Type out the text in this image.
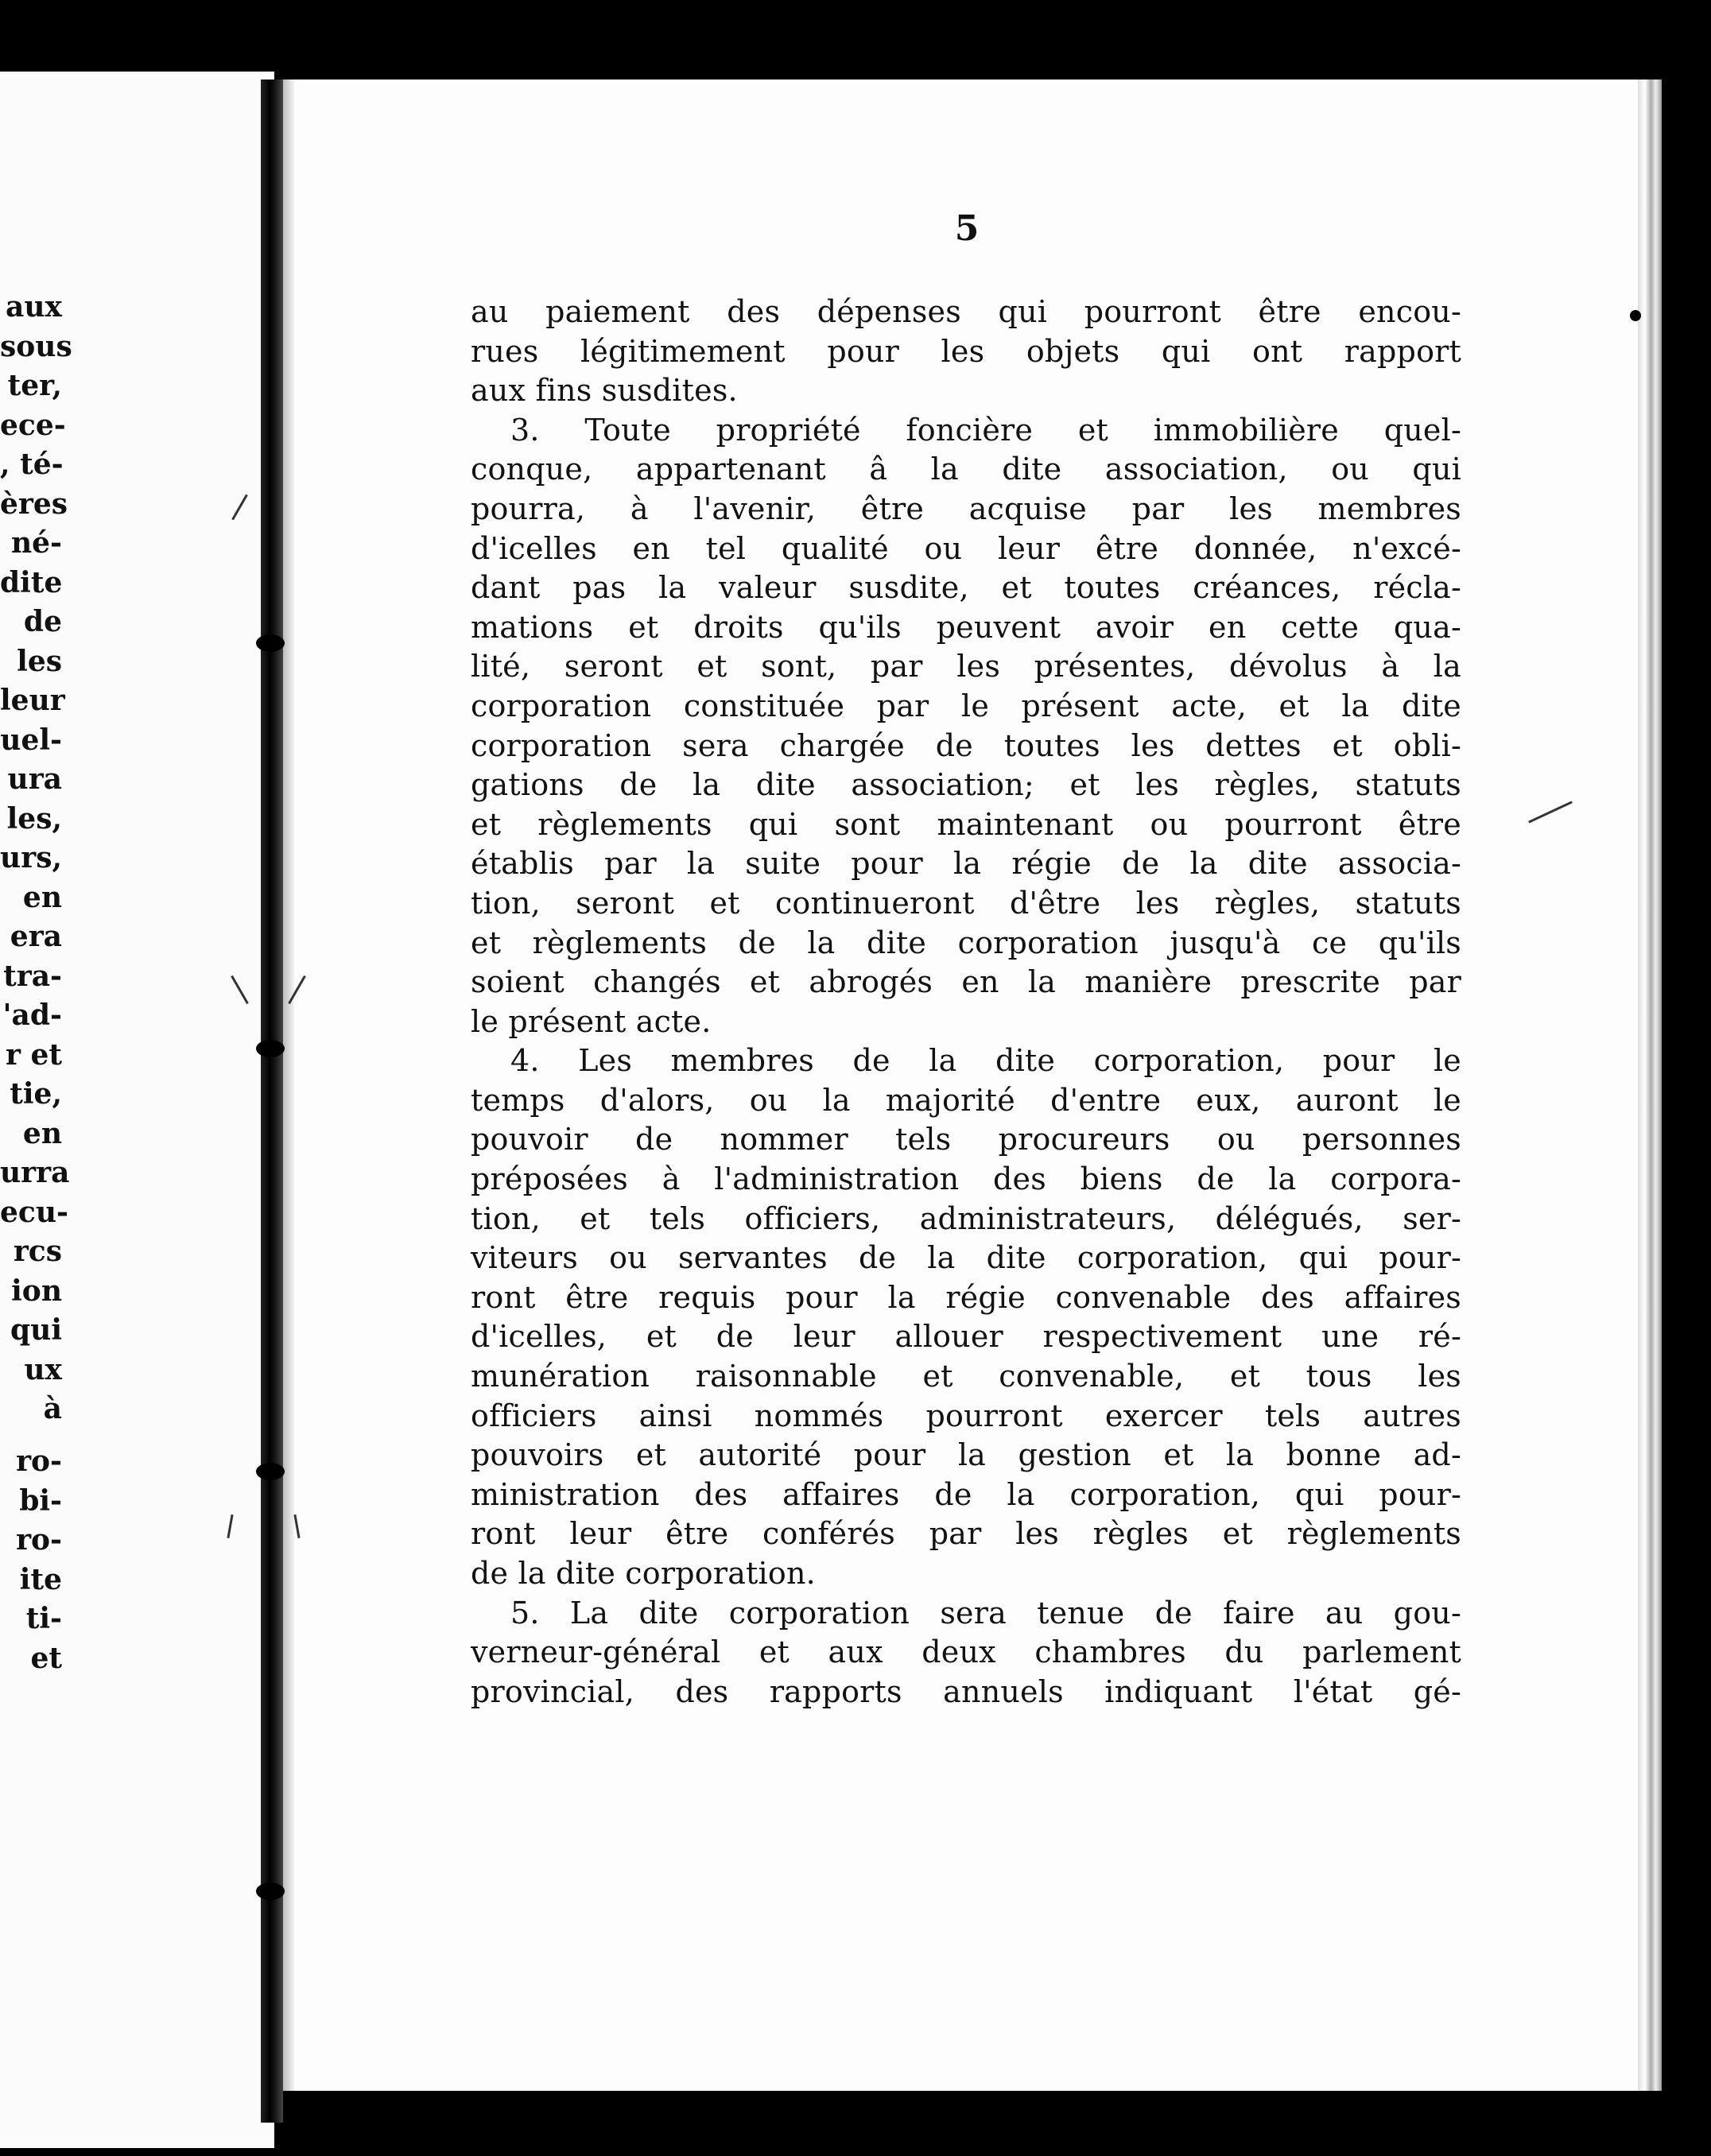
aux
sous
ter,
ece-
, té-
ères
né-
dite
de
les
leur
uel-
ura
les,
urs,
en
era
tra-
'ad-
r et
tie,
en
urra
ecu-
rcs
ion
qui
ux
à
ro-
bi-
ro-
ite
ti-
et
5
au paiement des dépenses qui pourront être encou-
rues légitimement pour les objets qui ont rapport
aux fins susdites.
3. Toute propriété foncière et immobilière quel-
conque, appartenant â la dite association, ou qui
pourra, à l'avenir, être acquise par les membres
d'icelles en tel qualité ou leur être donnée, n'excé-
dant pas la valeur susdite, et toutes créances, récla-
mations et droits qu'ils peuvent avoir en cette qua-
lité, seront et sont, par les présentes, dévolus à la
corporation constituée par le présent acte, et la dite
corporation sera chargée de toutes les dettes et obli-
gations de la dite association; et les règles, statuts
et règlements qui sont maintenant ou pourront être
établis par la suite pour la régie de la dite associa-
tion, seront et continueront d'être les règles, statuts
et règlements de la dite corporation jusqu'à ce qu'ils
soient changés et abrogés en la manière prescrite par
le présent acte.
4. Les membres de la dite corporation, pour le
temps d'alors, ou la majorité d'entre eux, auront le
pouvoir de nommer tels procureurs ou personnes
préposées à l'administration des biens de la corpora-
tion, et tels officiers, administrateurs, délégués, ser-
viteurs ou servantes de la dite corporation, qui pour-
ront être requis pour la régie convenable des affaires
d'icelles, et de leur allouer respectivement une ré-
munération raisonnable et convenable, et tous les
officiers ainsi nommés pourront exercer tels autres
pouvoirs et autorité pour la gestion et la bonne ad-
ministration des affaires de la corporation, qui pour-
ront leur être conférés par les règles et règlements
de la dite corporation.
5. La dite corporation sera tenue de faire au gou-
verneur-général et aux deux chambres du parlement
provincial, des rapports annuels indiquant l'état gé-
